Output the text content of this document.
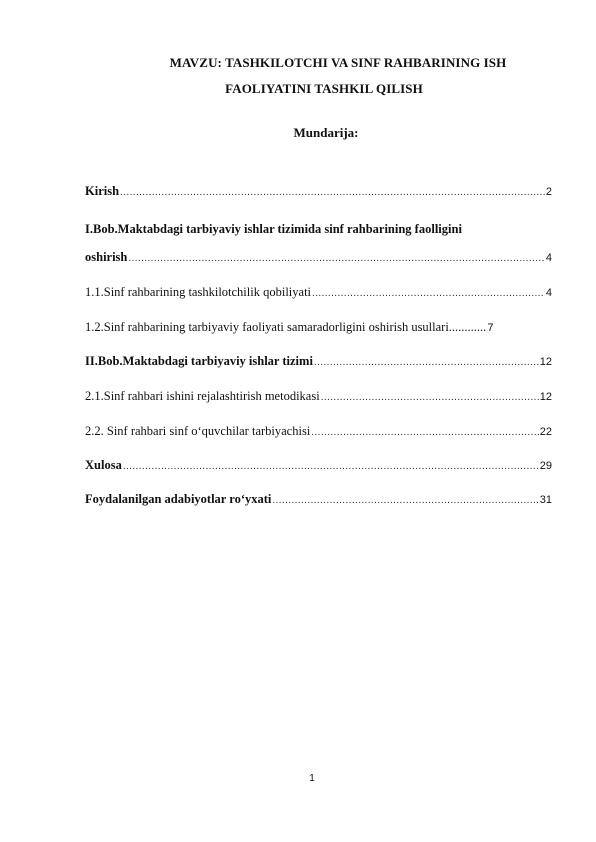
MAVZU: TASHKILOTCHI VA SINF RAHBARINING ISH
FAOLIYATINI TASHKIL QILISH
Mundarija:
Kirish .....	2
I.Bob.Maktabdagi tarbiyaviy ishlar tizimida sinf rahbarining faolligini
oshirish .....	4
1.1.Sinf rahbarining tashkilotchilik qobiliyati .....	4
1.2.Sinf rahbarining tarbiyaviy faoliyati samaradorligini oshirish usullari............ 7
II.Bob.Maktabdagi tarbiyaviy ishlar tizimi .....	12
2.1.Sinf rahbari ishini rejalashtirish metodikasi .....	12
2.2. Sinf rahbari sinf o‘quvchilar tarbiyachisi .....	22
Xulosa .....	29
Foydalanilgan adabiyotlar ro‘yxati .....	31
1
